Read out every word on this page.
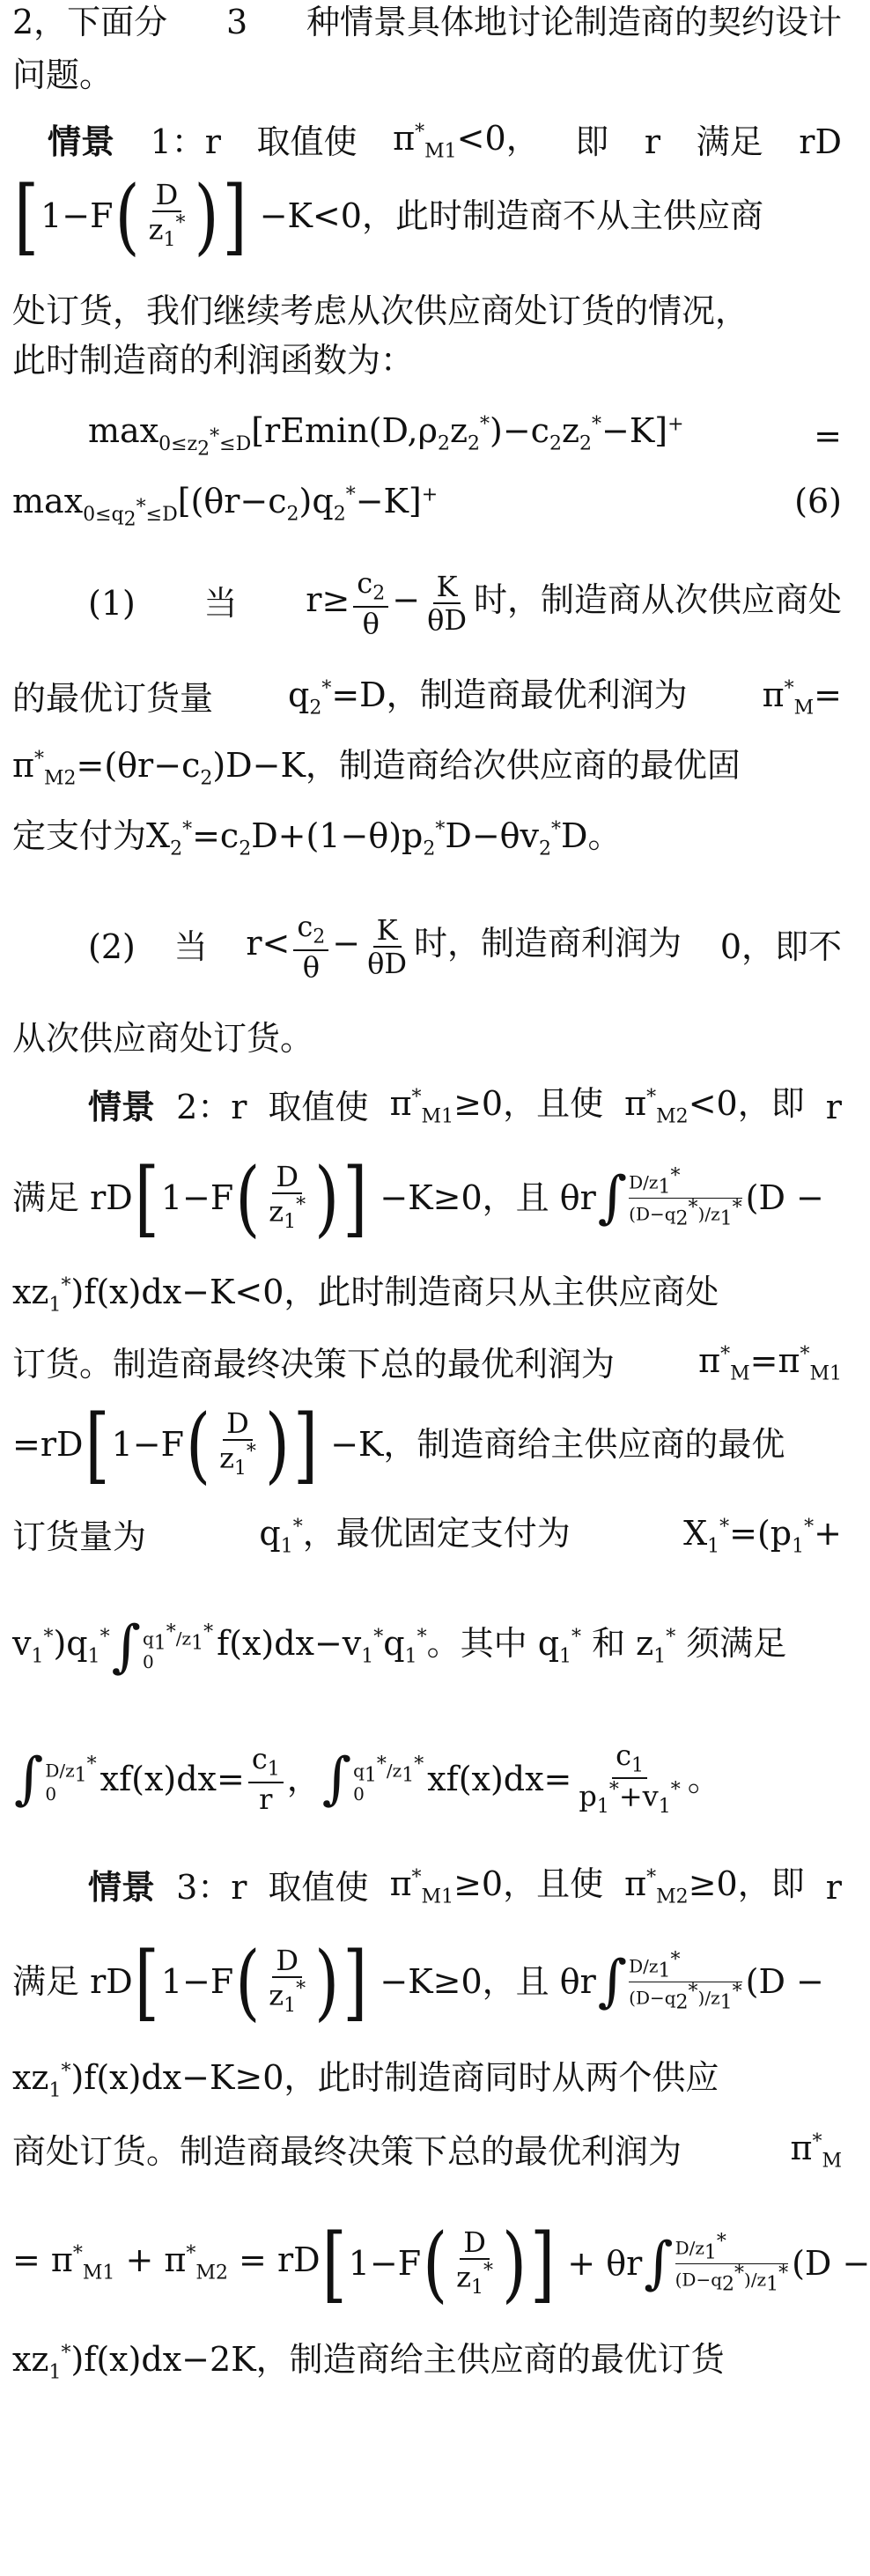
2，下面分 3 种情景具体地讨论制造商的契约设计
问题。
情景 1：r 取值使 $\pi^*_{M1}<0$， 即 r 满足 rD
[ 1−F ( $\frac{D}{z_1^*}$ ) ] −K<0，此时制造商不从主供应商
处订货，我们继续考虑从次供应商处订货的情况，
此时制造商的利润函数为：
$\max_{0\le z_2^*\le D}[rEmin(D,\rho_2z_2^*)-c_2z_2^*-K]^+$	=
$\max_{0\le q_2^*\le D}[(\theta r-c_2)q_2^*-K]^+$	(6)
(1) 当 $r\ge \frac{c_2}{\theta} - \frac{K}{\theta D}$ 时，制造商从次供应商处
的最优订货量 $q_2^*=D$，制造商最优利润为 $\pi^*_M=$
$\pi^*_{M2}=(\theta r-c_2)D-K$，制造商给次供应商的最优固
定支付为$X_2^*=c_2D+(1-\theta)p_2^*D-\theta v_2^*D$。
(2) 当 $r< \frac{c_2}{\theta} - \frac{K}{\theta D}$ 时，制造商利润为 0，即不
从次供应商处订货。
情景 2：r 取值使 $\pi^*_{M1}\ge 0$，且使 $\pi^*_{M2}<0$，即 r
满足 rD [ 1−F ( $\frac{D}{z_1^*}$ ) ] −K≥0，且 θr ∫ $D/z_1^*$
$(D-q_2^*)/z_1^*$ (D −
$xz_1^*)f(x)dx-K<0$，此时制造商只从主供应商处
订货。制造商最终决策下总的最优利润为	$\pi^*_M=\pi^*_{M1}$
=rD [ 1−F ( $\frac{D}{z_1^*}$ ) ] −K，制造商给主供应商的最优
订货量为	$q_1^*$，最优固定支付为	$X_1^*=(p_1^*+$
$v_1^*)q_1^*$ ∫ $q_1^*/z_1^*$
0	$f(x)dx-v_1^*q_1^*$。其中 $q_1^*$ 和 $z_1^*$ 须满足
∫ $D/z_1^*$
0	$xf(x)dx= \frac{c_1}{r}$ ， ∫ $q_1^*/z_1^*$
0	$xf(x)dx= \frac{c_1}{p_1^*+v_1^*}$ 。
情景 3：r 取值使 $\pi^*_{M1}\ge 0$，且使 $\pi^*_{M2}\ge 0$，即 r
满足 rD [ 1−F ( $\frac{D}{z_1^*}$ ) ] −K≥0，且 θr ∫ $D/z_1^*$
$(D-q_2^*)/z_1^*$ (D −
$xz_1^*)f(x)dx-K\ge 0$，此时制造商同时从两个供应
商处订货。制造商最终决策下总的最优利润为	$\pi^*_M$
= $\pi^*_{M1} + \pi^*_{M2}$ = rD [ 1−F ( $\frac{D}{z_1^*}$ ) ] + θr ∫ $D/z_1^*$
$(D-q_2^*)/z_1^*$ (D −
$xz_1^*)f(x)dx-2K$，制造商给主供应商的最优订货
